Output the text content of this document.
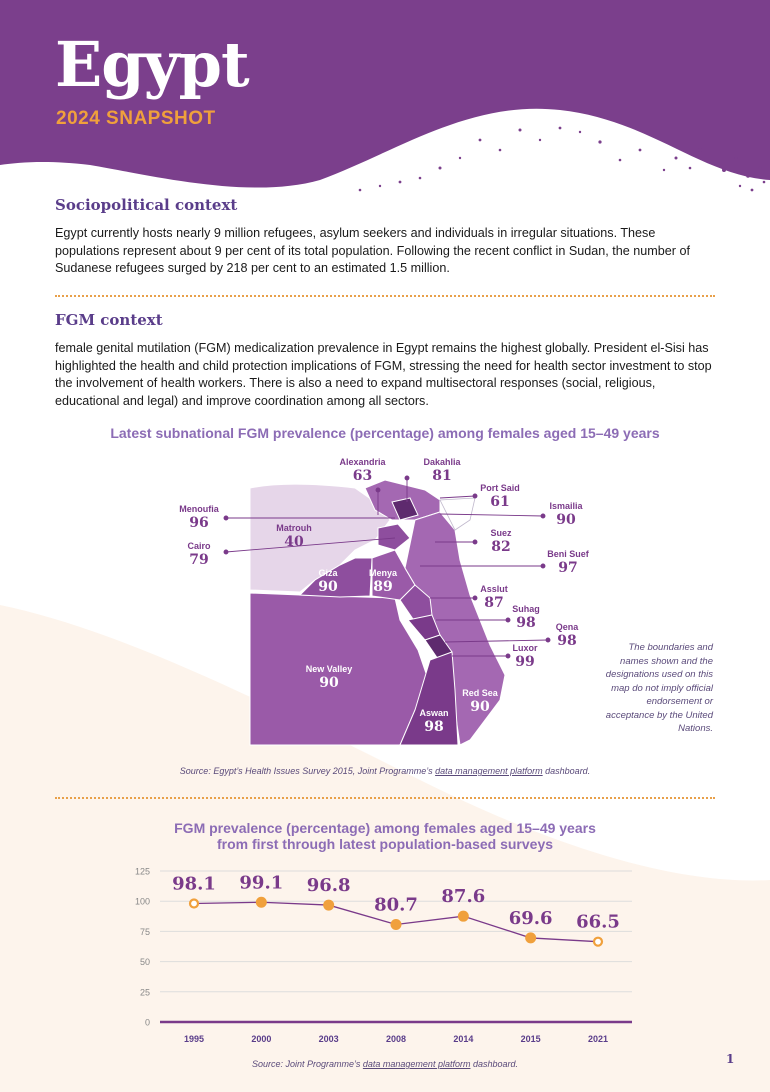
Egypt
2024 SNAPSHOT
Sociopolitical context
Egypt currently hosts nearly 9 million refugees, asylum seekers and individuals in irregular situations. These populations represent about 9 per cent of its total population. Following the recent conflict in Sudan, the number of Sudanese refugees surged by 218 per cent to an estimated 1.5 million.
FGM context
female genital mutilation (FGM) medicalization prevalence in Egypt remains the highest globally. President el-Sisi has highlighted the health and child protection implications of FGM, stressing the need for health sector investment to stop the involvement of health workers. There is also a need to expand multisectoral responses (social, religious, educational and legal) and improve coordination among all sectors.
Latest subnational FGM prevalence (percentage) among females aged 15–49 years
Alexandria
63
Dakahlia
81
Port Said
61	Ismailia
90
Menoufia
96	Matrouh
40
Cairo
79
Suez
82	Beni Suef
97
Giza
90
Menya
89	Asslut
87 Suhag
98	Qena
98
Luxor
99
New Valley
90
Red Sea
90
Aswan
98
The boundaries and names shown and the designations used on this map do not imply official endorsement or acceptance by the United Nations.
Source: Egypt’s Health Issues Survey 2015, Joint Programme’s data management platform dashboard.
FGM prevalence (percentage) among females aged 15–49 years
from first through latest population-based surveys
0
25
50
75
100
125
1995	2000	2003	2008	2014	2015	2021
98.1 99.1 96.8
80.7 87.6
69.6 66.5
Source: Joint Programme’s data management platform dashboard.	1
